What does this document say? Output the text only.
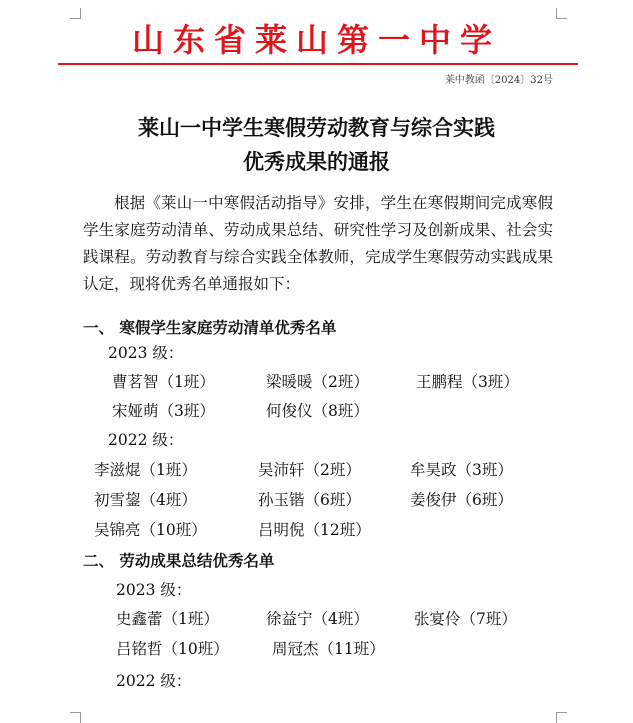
山东省莱山第一中学
莱中教函〔2024〕32号
莱山一中学生寒假劳动教育与综合实践
优秀成果的通报

根据《莱山一中寒假活动指导》安排，学生在寒假期间完成寒假学生家庭劳动清单、劳动成果总结、研究性学习及创新成果、社会实践课程。劳动教育与综合实践全体教师，完成学生寒假劳动实践成果认定，现将优秀名单通报如下：

一、 寒假学生家庭劳动清单优秀名单
2023 级：
曹茗智（1班）	梁暖暖（2班）	王鹏程（3班）
宋娅萌（3班）	何俊仪（8班）
2022 级：
李滋焜（1班）	吴沛轩（2班）	牟昊政（3班）
初雪鋆（4班）	孙玉锴（6班）	姜俊伊（6班）
吴锦亮（10班）	吕明倪（12班）
二、 劳动成果总结优秀名单
2023 级：
史鑫蕾（1班）	徐益宁（4班）	张宴伶（7班）
吕铭哲（10班）	周冠杰（11班）
2022 级：
